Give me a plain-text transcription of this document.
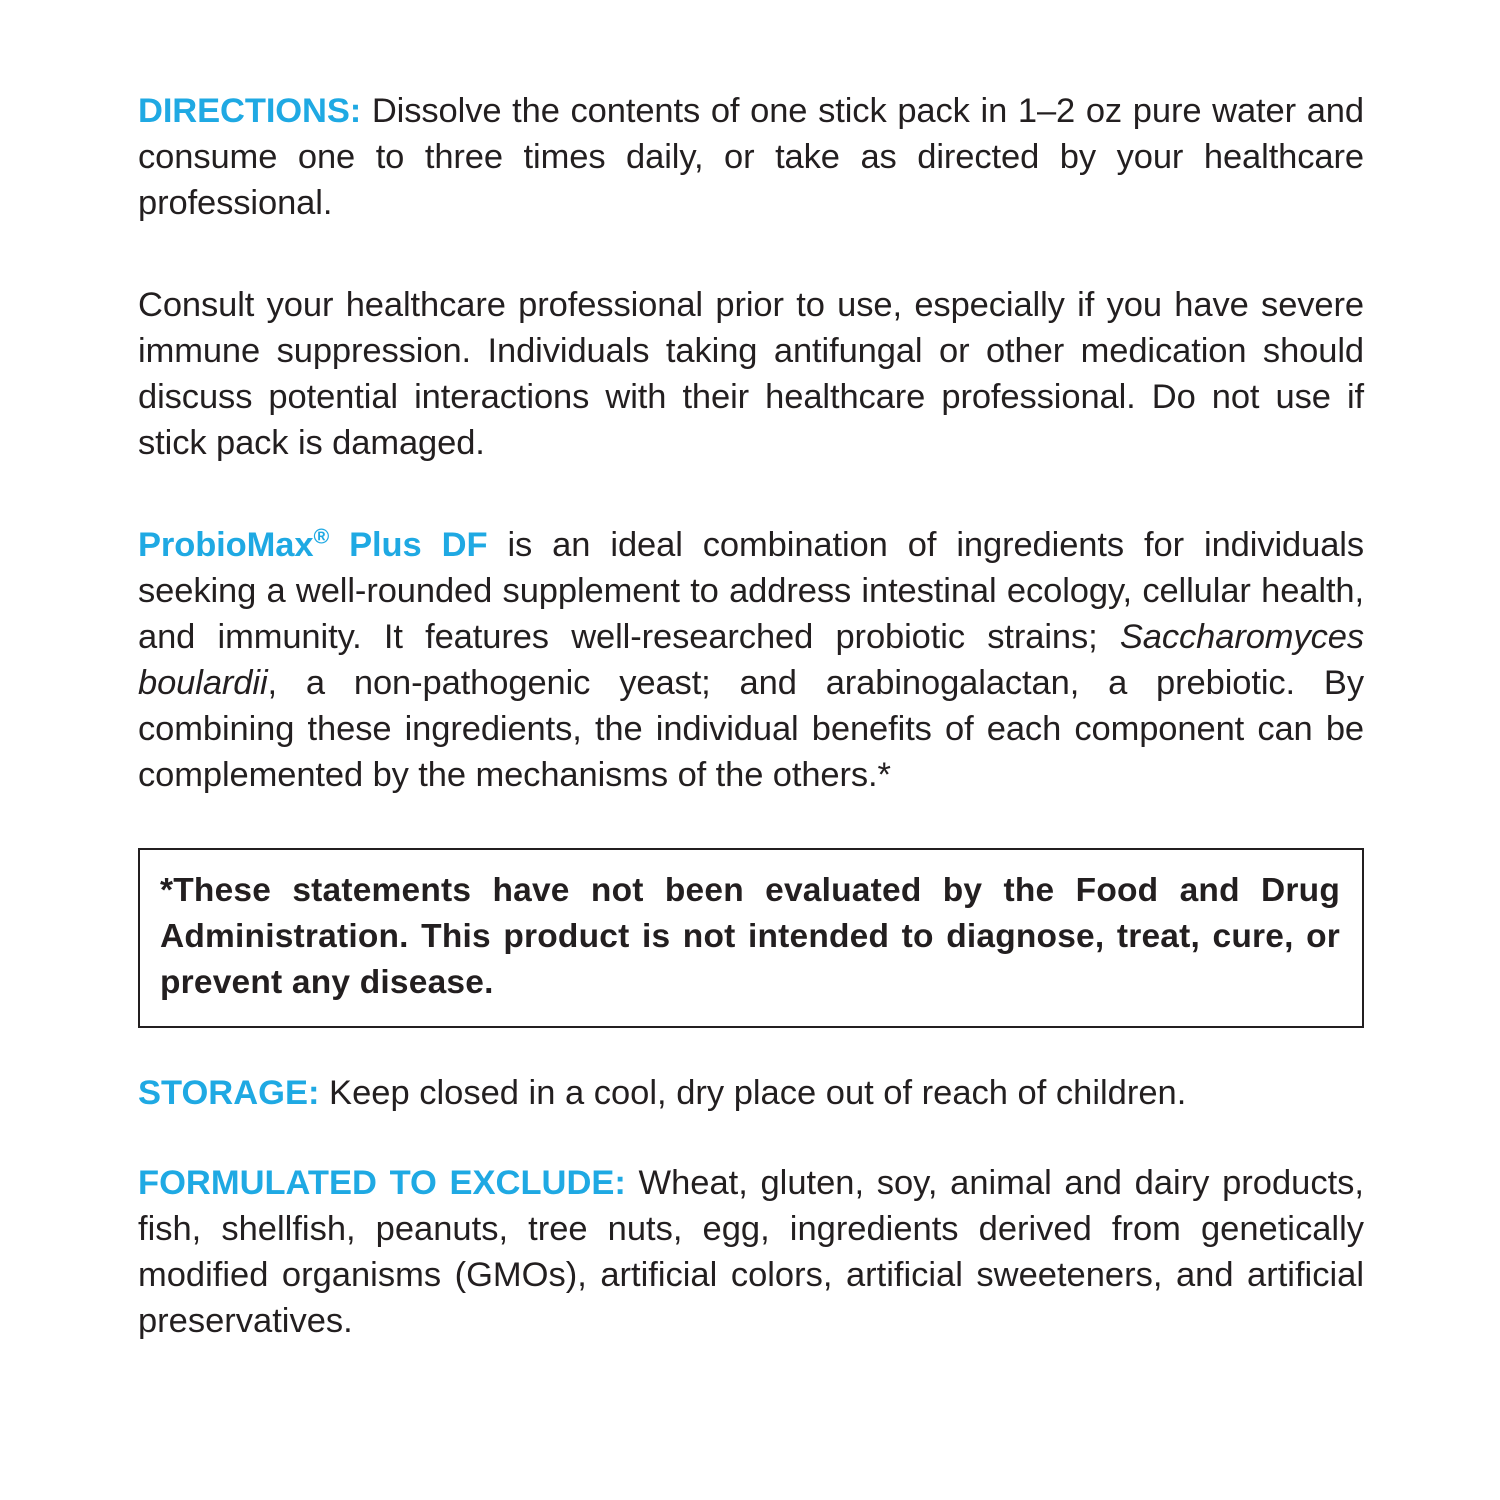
DIRECTIONS: Dissolve the contents of one stick pack in 1–2 oz pure water and consume one to three times daily, or take as directed by your healthcare professional.

Consult your healthcare professional prior to use, especially if you have severe immune suppression. Individuals taking antifungal or other medication should discuss potential interactions with their healthcare professional. Do not use if stick pack is damaged.

ProbioMax® Plus DF is an ideal combination of ingredients for individuals seeking a well-rounded supplement to address intestinal ecology, cellular health, and immunity. It features well-researched probiotic strains; Saccharomyces boulardii, a non-pathogenic yeast; and arabinogalactan, a prebiotic. By combining these ingredients, the individual benefits of each component can be complemented by the mechanisms of the others.*

*These statements have not been evaluated by the Food and Drug Administration. This product is not intended to diagnose, treat, cure, or prevent any disease.

STORAGE: Keep closed in a cool, dry place out of reach of children.

FORMULATED TO EXCLUDE: Wheat, gluten, soy, animal and dairy products, fish, shellfish, peanuts, tree nuts, egg, ingredients derived from genetically modified organisms (GMOs), artificial colors, artificial sweeteners, and artificial preservatives.
